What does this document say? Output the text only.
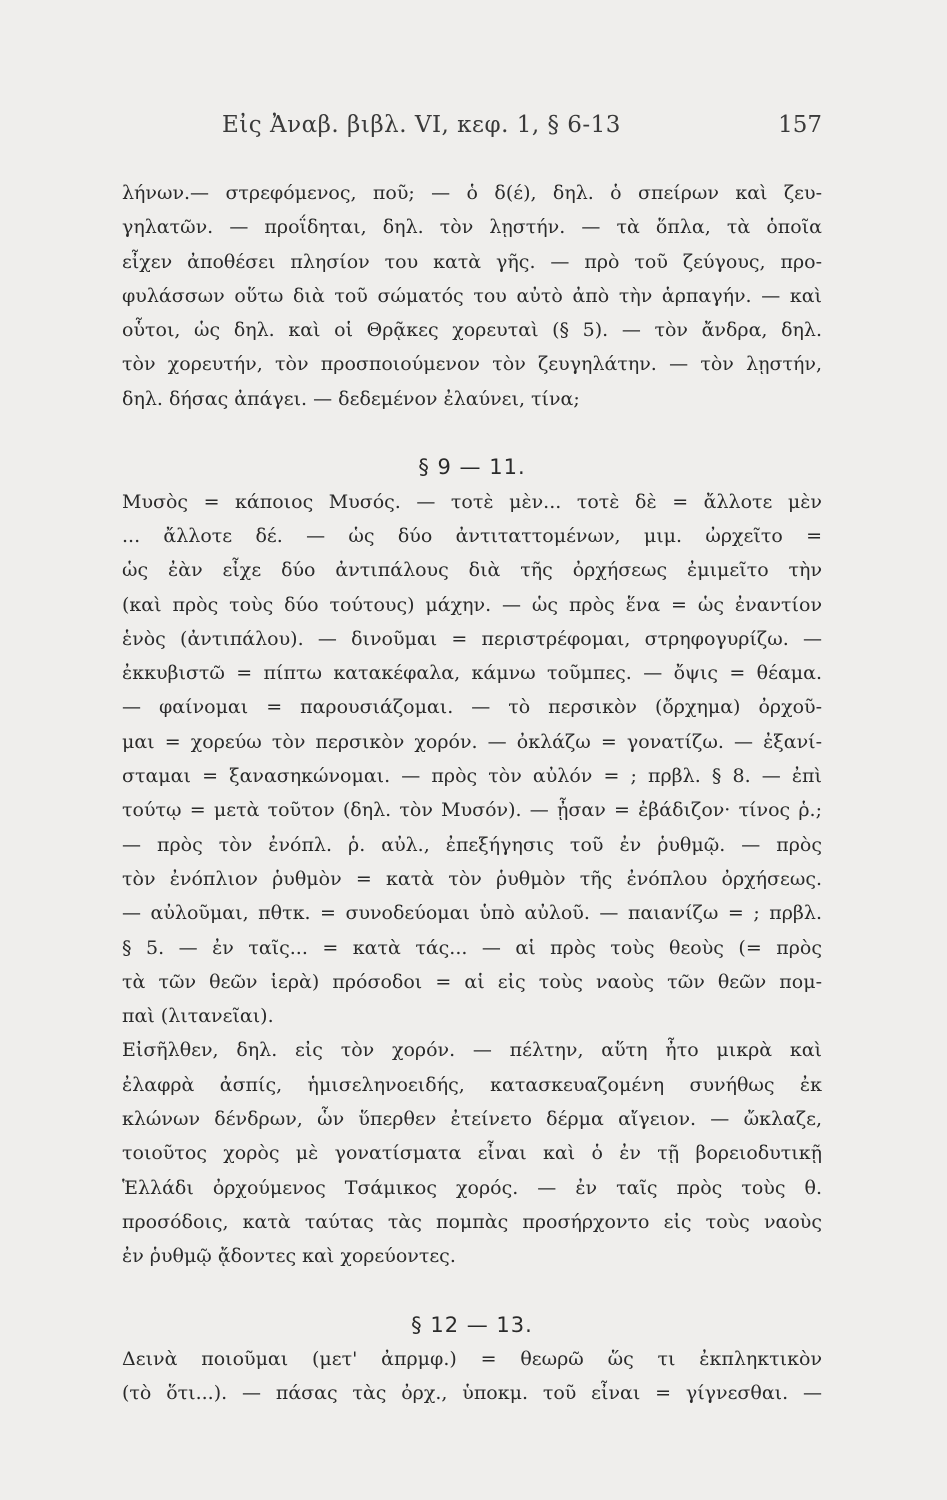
Εἰς Ἀναβ. βιβλ. VI, κεφ. 1, § 6-13	157
λήνων.— στρεφόμενος, ποῦ; — ὁ δ(έ), δηλ. ὁ σπείρων καὶ ζευ-
γηλατῶν. — προΐδηται, δηλ. τὸν λῃστήν. — τὰ ὅπλα, τὰ ὁποῖα
εἶχεν ἀποθέσει πλησίον του κατὰ γῆς. — πρὸ τοῦ ζεύγους, προ-
φυλάσσων οὕτω διὰ τοῦ σώματός του αὐτὸ ἀπὸ τὴν ἁρπαγήν. — καὶ
οὗτοι, ὡς δηλ. καὶ οἱ Θρᾷκες χορευταὶ (§ 5). — τὸν ἄνδρα, δηλ.
τὸν χορευτήν, τὸν προσποιούμενον τὸν ζευγηλάτην. — τὸν λῃστήν,
δηλ. δήσας ἀπάγει. — δεδεμένον ἐλαύνει, τίνα;
§ 9 — 11.
Μυσὸς = κάποιος Μυσός. — τοτὲ μὲν... τοτὲ δὲ = ἄλλοτε μὲν
... ἄλλοτε δέ. — ὡς δύο ἀντιταττομένων, μιμ. ὠρχεῖτο =
ὡς ἐὰν εἶχε δύο ἀντιπάλους διὰ τῆς ὀρχήσεως ἐμιμεῖτο τὴν
(καὶ πρὸς τοὺς δύο τούτους) μάχην. — ὡς πρὸς ἕνα = ὡς ἐναντίον
ἑνὸς (ἀντιπάλου). — δινοῦμαι = περιστρέφομαι, στρηφογυρίζω. —
ἐκκυβιστῶ = πίπτω κατακέφαλα, κάμνω τοῦμπες. — ὄψις = θέαμα.
— φαίνομαι = παρουσιάζομαι. — τὸ περσικὸν (ὄρχημα) ὀρχοῦ-
μαι = χορεύω τὸν περσικὸν χορόν. — ὀκλάζω = γονατίζω. — ἐξανί-
σταμαι = ξανασηκώνομαι. — πρὸς τὸν αὐλόν = ; πρβλ. § 8. — ἐπὶ
τούτῳ = μετὰ τοῦτον (δηλ. τὸν Μυσόν). — ᾖσαν = ἐβάδιζον· τίνος ῥ.;
— πρὸς τὸν ἐνόπλ. ῥ. αὐλ., ἐπεξήγησις τοῦ ἐν ῥυθμῷ. — πρὸς
τὸν ἐνόπλιον ῥυθμὸν = κατὰ τὸν ῥυθμὸν τῆς ἐνόπλου ὀρχήσεως.
— αὐλοῦμαι, πθτκ. = συνοδεύομαι ὑπὸ αὐλοῦ. — παιανίζω = ; πρβλ.
§ 5. — ἐν ταῖς... = κατὰ τάς... — αἱ πρὸς τοὺς θεοὺς (= πρὸς
τὰ τῶν θεῶν ἱερὰ) πρόσοδοι = αἱ εἰς τοὺς ναοὺς τῶν θεῶν πομ-
παὶ (λιτανεῖαι).
Εἰσῆλθεν, δηλ. εἰς τὸν χορόν. — πέλτην, αὕτη ἦτο μικρὰ καὶ
ἐλαφρὰ ἀσπίς, ἡμισεληνοειδής, κατασκευαζομένη συνήθως ἐκ
κλώνων δένδρων, ὧν ὕπερθεν ἐτείνετο δέρμα αἴγειον. — ὤκλαζε,
τοιοῦτος χορὸς μὲ γονατίσματα εἶναι καὶ ὁ ἐν τῇ βορειοδυτικῇ
Ἑλλάδι ὀρχούμενος Τσάμικος χορός. — ἐν ταῖς πρὸς τοὺς θ.
προσόδοις, κατὰ ταύτας τὰς πομπὰς προσήρχοντο εἰς τοὺς ναοὺς
ἐν ῥυθμῷ ᾄδοντες καὶ χορεύοντες.
§ 12 — 13.
Δεινὰ ποιοῦμαι (μετ' ἀπρμφ.) = θεωρῶ ὥς τι ἐκπληκτικὸν
(τὸ ὅτι...). — πάσας τὰς ὀρχ., ὑποκμ. τοῦ εἶναι = γίγνεσθαι. —
